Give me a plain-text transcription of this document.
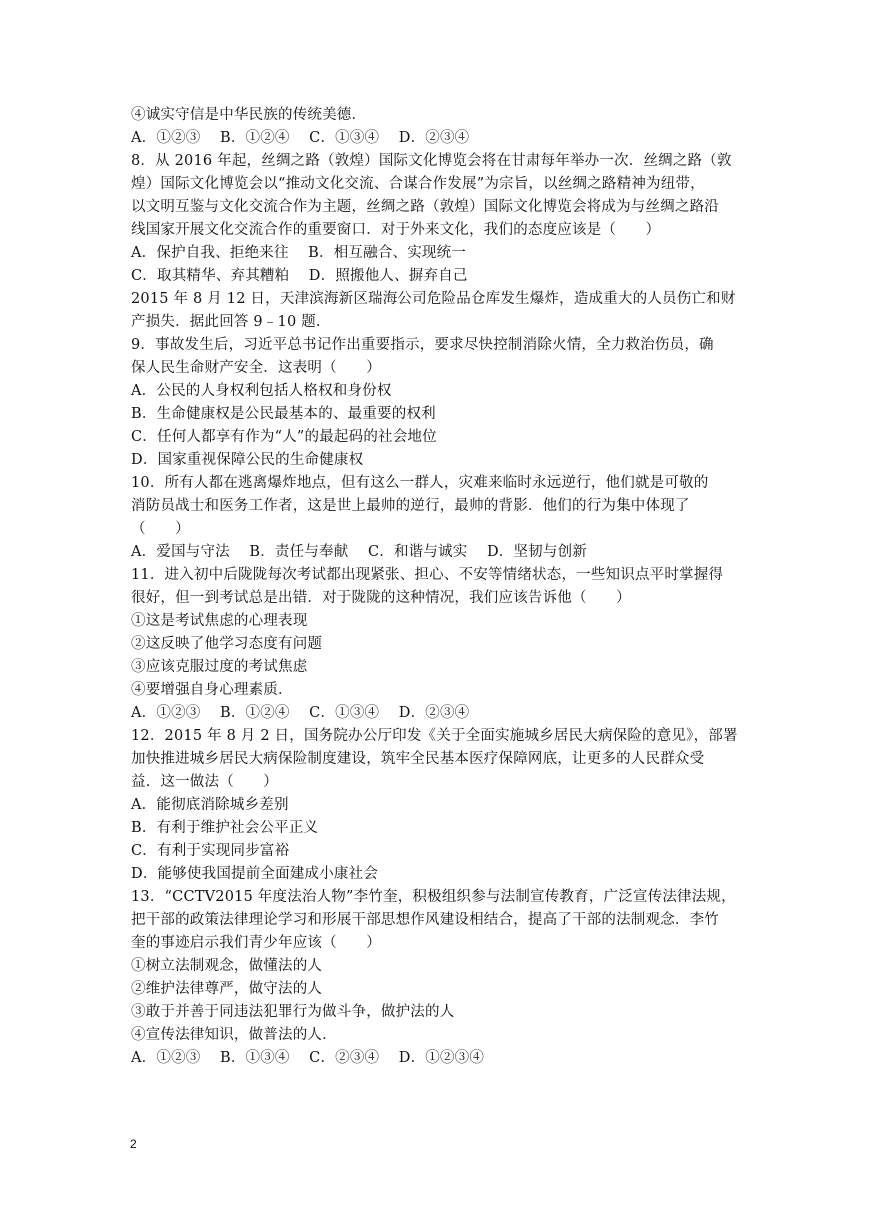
④诚实守信是中华民族的传统美德．
A．①②③　 B．①②④　 C．①③④　 D．②③④
8．从 2016 年起，丝绸之路（敦煌）国际文化博览会将在甘肃每年举办一次．丝绸之路（敦
煌）国际文化博览会以“推动文化交流、合谋合作发展”为宗旨，以丝绸之路精神为纽带，
以文明互鉴与文化交流合作为主题，丝绸之路（敦煌）国际文化博览会将成为与丝绸之路沿
线国家开展文化交流合作的重要窗口．对于外来文化，我们的态度应该是（　　）
A．保护自我、拒绝来往　 B．相互融合、实现统一
C．取其精华、弃其糟粕　 D．照搬他人、摒弃自己
2015 年 8 月 12 日，天津滨海新区瑞海公司危险品仓库发生爆炸，造成重大的人员伤亡和财
产损失．据此回答 9﹣10 题．
9．事故发生后，习近平总书记作出重要指示，要求尽快控制消除火情，全力救治伤员，确
保人民生命财产安全．这表明（　　）
A．公民的人身权利包括人格权和身份权
B．生命健康权是公民最基本的、最重要的权利
C．任何人都享有作为“人”的最起码的社会地位
D．国家重视保障公民的生命健康权
10．所有人都在逃离爆炸地点，但有这么一群人，灾难来临时永远逆行，他们就是可敬的
消防员战士和医务工作者，这是世上最帅的逆行，最帅的背影．他们的行为集中体现了
（　　）
A．爱国与守法　 B．责任与奉献　 C．和谐与诚实　 D．坚韧与创新
11．进入初中后陇陇每次考试都出现紧张、担心、不安等情绪状态，一些知识点平时掌握得
很好，但一到考试总是出错．对于陇陇的这种情况，我们应该告诉他（　　）
①这是考试焦虑的心理表现
②这反映了他学习态度有问题
③应该克服过度的考试焦虑
④要增强自身心理素质．
A．①②③　 B．①②④　 C．①③④　 D．②③④
12．2015 年 8 月 2 日，国务院办公厅印发《关于全面实施城乡居民大病保险的意见》，部署
加快推进城乡居民大病保险制度建设，筑牢全民基本医疗保障网底，让更多的人民群众受
益．这一做法（　　）
A．能彻底消除城乡差别
B．有利于维护社会公平正义
C．有利于实现同步富裕
D．能够使我国提前全面建成小康社会
13．“CCTV2015 年度法治人物”李竹奎，积极组织参与法制宣传教育，广泛宣传法律法规，
把干部的政策法律理论学习和形展干部思想作风建设相结合，提高了干部的法制观念．李竹
奎的事迹启示我们青少年应该（　　）
①树立法制观念，做懂法的人
②维护法律尊严，做守法的人
③敢于并善于同违法犯罪行为做斗争，做护法的人
④宣传法律知识，做普法的人．
A．①②③　 B．①③④　 C．②③④　 D．①②③④
2
